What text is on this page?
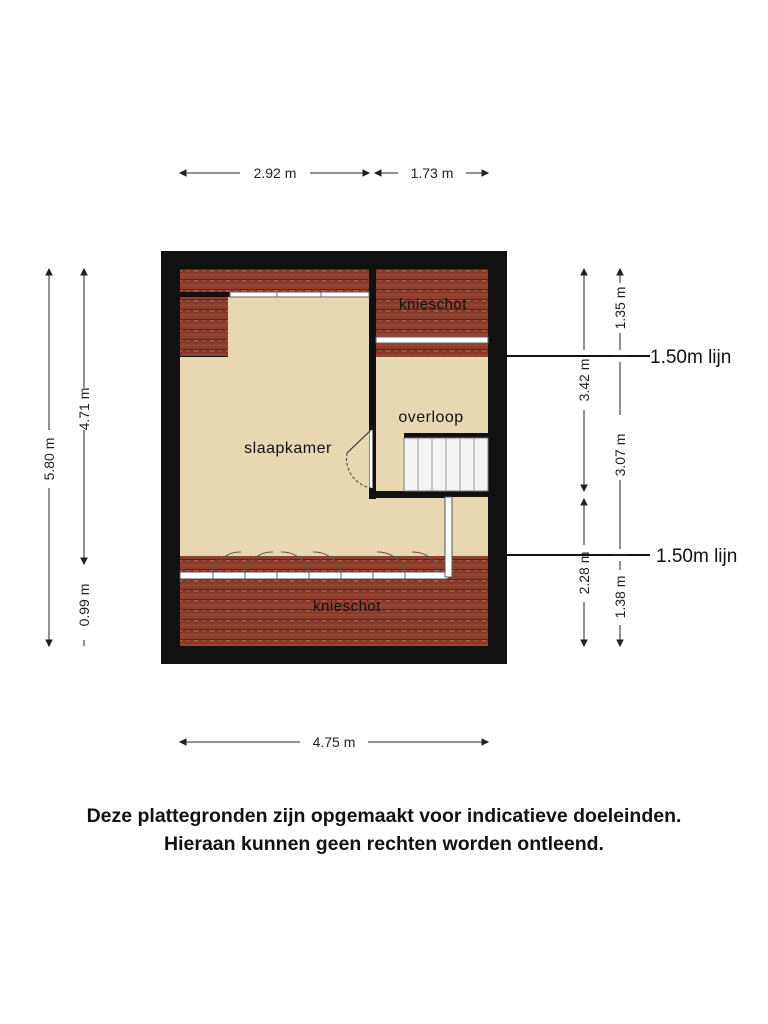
2.92 m	1.73 m
4.75 m
5.80 m
4.71 m
0.99 m
1.35 m
3.42 m
3.07 m
2.28 m
1.38 m
1.50m lijn
1.50m lijn
slaapkamer
overloop
knieschot
knieschot
Deze plattegronden zijn opgemaakt voor indicatieve doeleinden.
Hieraan kunnen geen rechten worden ontleend.
